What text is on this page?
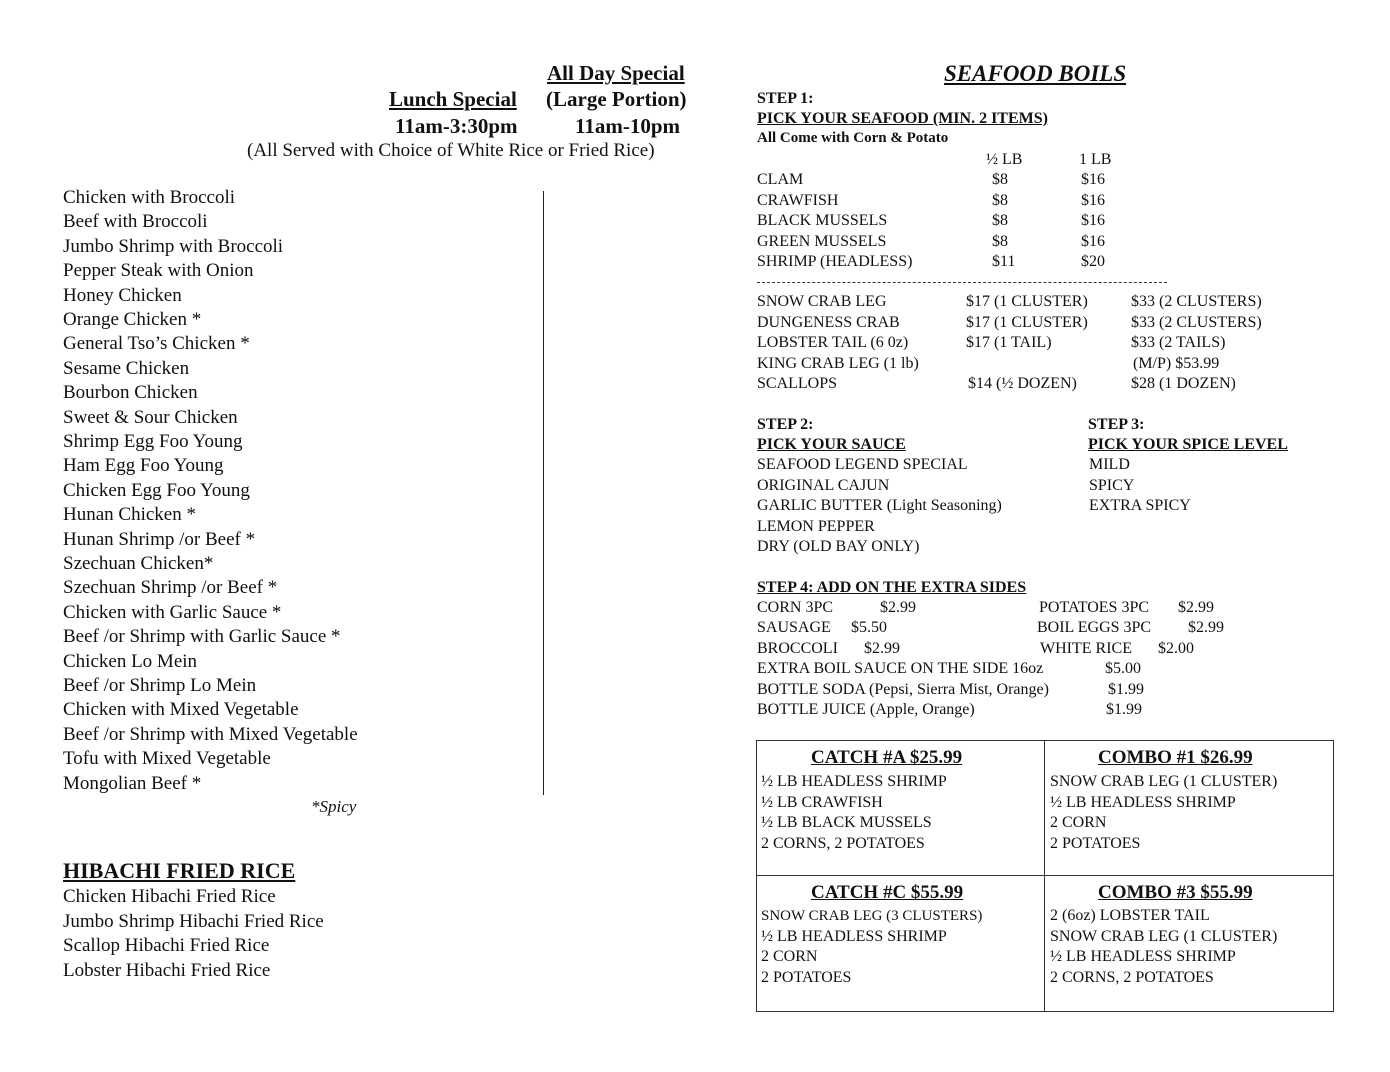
All Day Special
Lunch Special (Large Portion)
11am-3:30pm	11am-10pm
(All Served with Choice of White Rice or Fried Rice)
Chicken with Broccoli
Beef with Broccoli
Jumbo Shrimp with Broccoli
Pepper Steak with Onion
Honey Chicken
Orange Chicken *
General Tso’s Chicken *
Sesame Chicken
Bourbon Chicken
Sweet & Sour Chicken
Shrimp Egg Foo Young
Ham Egg Foo Young
Chicken Egg Foo Young
Hunan Chicken *
Hunan Shrimp /or Beef *
Szechuan Chicken*
Szechuan Shrimp /or Beef *
Chicken with Garlic Sauce *
Beef /or Shrimp with Garlic Sauce *
Chicken Lo Mein
Beef /or Shrimp Lo Mein
Chicken with Mixed Vegetable
Beef /or Shrimp with Mixed Vegetable
Tofu with Mixed Vegetable
Mongolian Beef *
*Spicy
HIBACHI FRIED RICE
Chicken Hibachi Fried Rice
Jumbo Shrimp Hibachi Fried Rice
Scallop Hibachi Fried Rice
Lobster Hibachi Fried Rice
SEAFOOD BOILS
STEP 1:
PICK YOUR SEAFOOD (MIN. 2 ITEMS)
All Come with Corn & Potato
½ LB	1 LB
CLAM	$8	$16
CRAWFISH	$8	$16
BLACK MUSSELS	$8	$16
GREEN MUSSELS	$8	$16
SHRIMP (HEADLESS)	$11	$20
SNOW CRAB LEG	$17 (1 CLUSTER)	$33 (2 CLUSTERS)
DUNGENESS CRAB	$17 (1 CLUSTER)	$33 (2 CLUSTERS)
LOBSTER TAIL (6 0z)	$17 (1 TAIL)	$33 (2 TAILS)
KING CRAB LEG (1 lb)	(M/P) $53.99
SCALLOPS	$14 (½ DOZEN)	$28 (1 DOZEN)
STEP 2:
PICK YOUR SAUCE
SEAFOOD LEGEND SPECIAL
ORIGINAL CAJUN
GARLIC BUTTER (Light Seasoning)
LEMON PEPPER
DRY (OLD BAY ONLY)
STEP 3:
PICK YOUR SPICE LEVEL
MILD
SPICY
EXTRA SPICY
STEP 4: ADD ON THE EXTRA SIDES
CORN 3PC	$2.99	POTATOES 3PC $2.99
SAUSAGE $5.50	BOIL EGGS 3PC $2.99
BROCCOLI $2.99	WHITE RICE $2.00
EXTRA BOIL SAUCE ON THE SIDE 16oz	$5.00
BOTTLE SODA (Pepsi, Sierra Mist, Orange)	$1.99
BOTTLE JUICE (Apple, Orange)	$1.99
CATCH #A $25.99
½ LB HEADLESS SHRIMP
½ LB CRAWFISH
½ LB BLACK MUSSELS
2 CORNS, 2 POTATOES
COMBO #1 $26.99
SNOW CRAB LEG (1 CLUSTER)
½ LB HEADLESS SHRIMP
2 CORN
2 POTATOES
CATCH #C $55.99
SNOW CRAB LEG (3 CLUSTERS)
½ LB HEADLESS SHRIMP
2 CORN
2 POTATOES
COMBO #3 $55.99
2 (6oz) LOBSTER TAIL
SNOW CRAB LEG (1 CLUSTER)
½ LB HEADLESS SHRIMP
2 CORNS, 2 POTATOES
